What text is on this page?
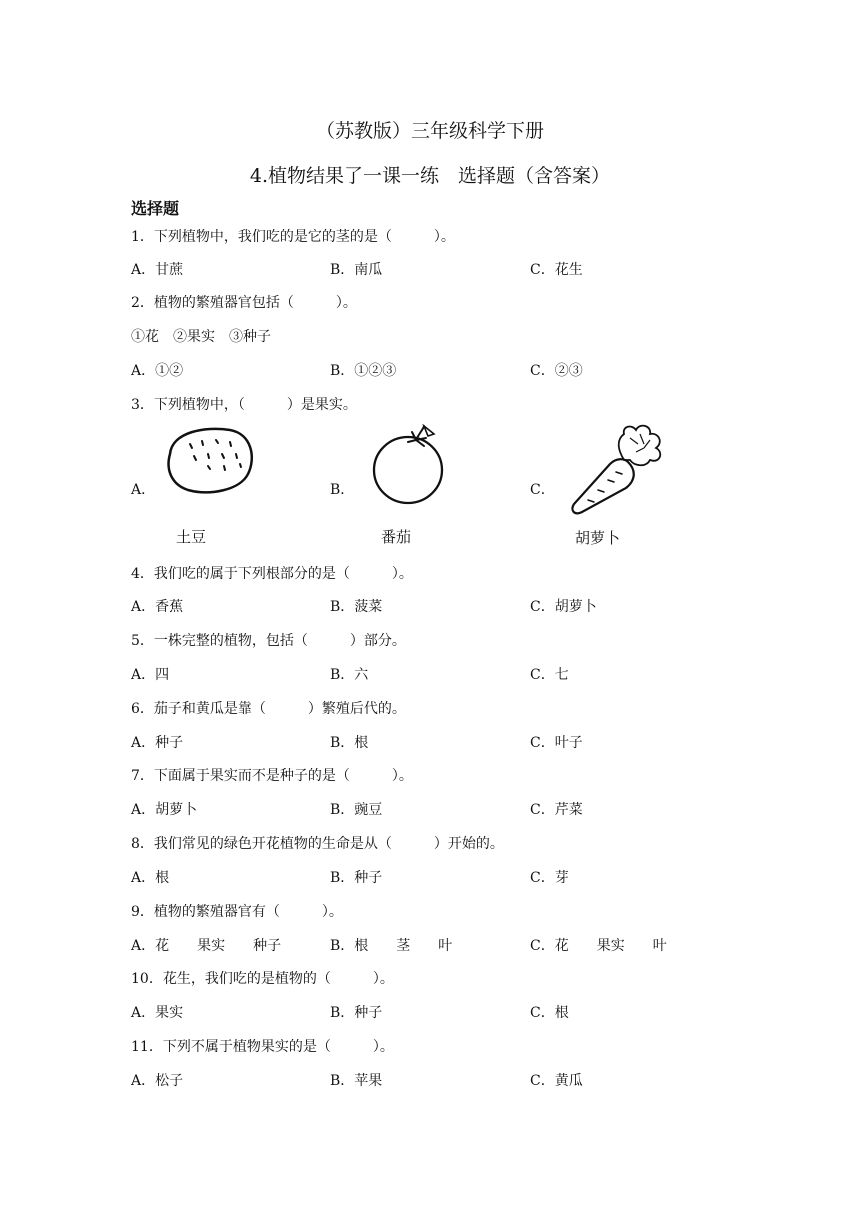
（苏教版）三年级科学下册
4.植物结果了一课一练　选择题（含答案）
选择题
1．下列植物中，我们吃的是它的茎的是（　　　）。
A．甘蔗	B．南瓜	C．花生
2．植物的繁殖器官包括（　　　）。
①花　②果实　③种子
A．①②	B．①②③	C．②③
3．下列植物中，（　　　）是果实。
A．	B．	C．
土豆	番茄	胡萝卜
4．我们吃的属于下列根部分的是（　　　）。
A．香蕉	B．菠菜	C．胡萝卜
5．一株完整的植物，包括（　　　）部分。
A．四	B．六	C．七
6．茄子和黄瓜是靠（　　　）繁殖后代的。
A．种子	B．根	C．叶子
7．下面属于果实而不是种子的是（　　　）。
A．胡萝卜	B．豌豆	C．芹菜
8．我们常见的绿色开花植物的生命是从（　　　）开始的。
A．根	B．种子	C．芽
9．植物的繁殖器官有（　　　）。
A．花　　果实　　种子	B．根　　茎　　叶	C．花　　果实　　叶
10．花生，我们吃的是植物的（　　　）。
A．果实	B．种子	C．根
11．下列不属于植物果实的是（　　　）。
A．松子	B．苹果	C．黄瓜
